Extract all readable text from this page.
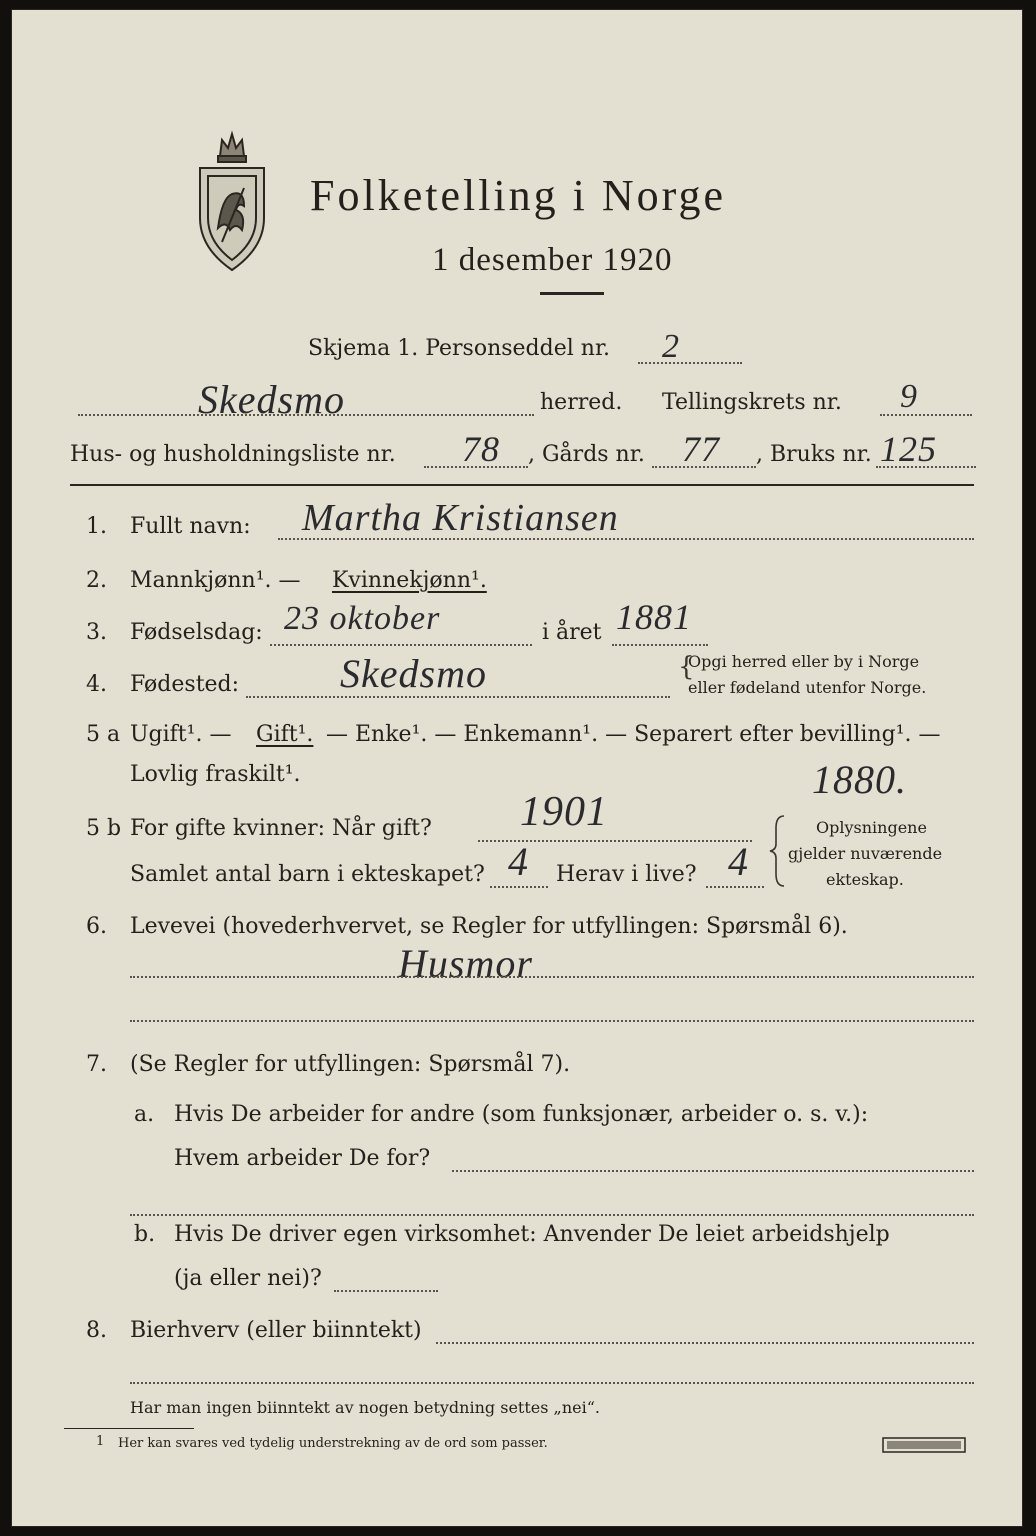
Folketelling i Norge
1 desember 1920
Skjema 1. Personseddel nr. 2
Skedsmo	herred. Tellingskrets nr. 9
Hus- og husholdningsliste nr. 78 , Gårds nr. 77 , Bruks nr. 125
1. Fullt navn: Martha Kristiansen
2. Mannkjønn¹. — Kvinnekjønn¹.
3. Fødselsdag: 23 oktober	i året 1881
4. Fødested:	Skedsmo	{
Opgi herred eller by i Norge
eller fødeland utenfor Norge.
5 a Ugift¹. — Gift¹. — Enke¹. — Enkemann¹. — Separert efter bevilling¹. —
Lovlig fraskilt¹.	1880.
5 b For gifte kvinner: Når gift? 1901
Samlet antal barn i ekteskapet? 4 Herav i live? 4
Oplysningene
gjelder nuværende
ekteskap.
6. Levevei (hovederhvervet, se Regler for utfyllingen: Spørsmål 6).
Husmor
7. (Se Regler for utfyllingen: Spørsmål 7).
a. Hvis De arbeider for andre (som funksjonær, arbeider o. s. v.):
Hvem arbeider De for?
b. Hvis De driver egen virksomhet: Anvender De leiet arbeidshjelp
(ja eller nei)?
8. Bierhverv (eller biinntekt)
Har man ingen biinntekt av nogen betydning settes „nei“.
1 Her kan svares ved tydelig understrekning av de ord som passer.
